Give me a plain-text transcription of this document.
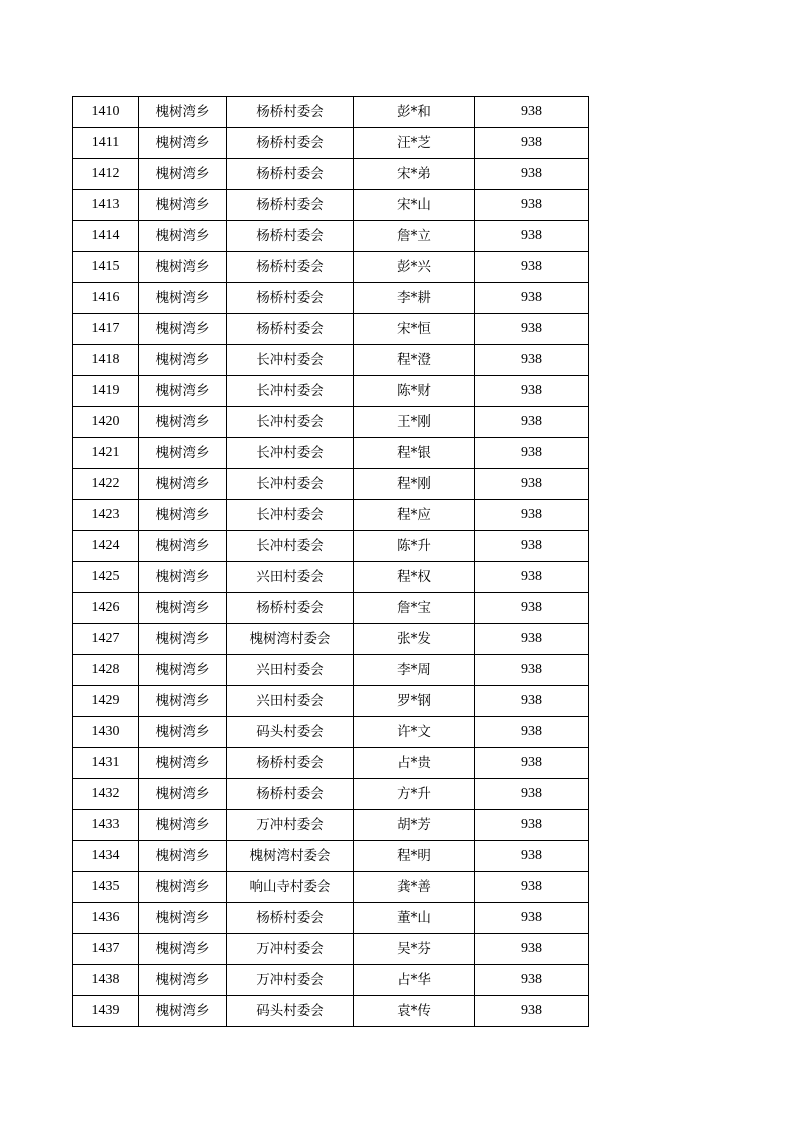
1410	槐树湾乡	杨桥村委会	彭*和	938
1411	槐树湾乡	杨桥村委会	汪*芝	938
1412	槐树湾乡	杨桥村委会	宋*弟	938
1413	槐树湾乡	杨桥村委会	宋*山	938
1414	槐树湾乡	杨桥村委会	詹*立	938
1415	槐树湾乡	杨桥村委会	彭*兴	938
1416	槐树湾乡	杨桥村委会	李*耕	938
1417	槐树湾乡	杨桥村委会	宋*恒	938
1418	槐树湾乡	长冲村委会	程*澄	938
1419	槐树湾乡	长冲村委会	陈*财	938
1420	槐树湾乡	长冲村委会	王*刚	938
1421	槐树湾乡	长冲村委会	程*银	938
1422	槐树湾乡	长冲村委会	程*刚	938
1423	槐树湾乡	长冲村委会	程*应	938
1424	槐树湾乡	长冲村委会	陈*升	938
1425	槐树湾乡	兴田村委会	程*权	938
1426	槐树湾乡	杨桥村委会	詹*宝	938
1427	槐树湾乡	槐树湾村委会	张*发	938
1428	槐树湾乡	兴田村委会	李*周	938
1429	槐树湾乡	兴田村委会	罗*钢	938
1430	槐树湾乡	码头村委会	许*文	938
1431	槐树湾乡	杨桥村委会	占*贵	938
1432	槐树湾乡	杨桥村委会	方*升	938
1433	槐树湾乡	万冲村委会	胡*芳	938
1434	槐树湾乡	槐树湾村委会	程*明	938
1435	槐树湾乡	响山寺村委会	龚*善	938
1436	槐树湾乡	杨桥村委会	董*山	938
1437	槐树湾乡	万冲村委会	吴*芬	938
1438	槐树湾乡	万冲村委会	占*华	938
1439	槐树湾乡	码头村委会	袁*传	938
